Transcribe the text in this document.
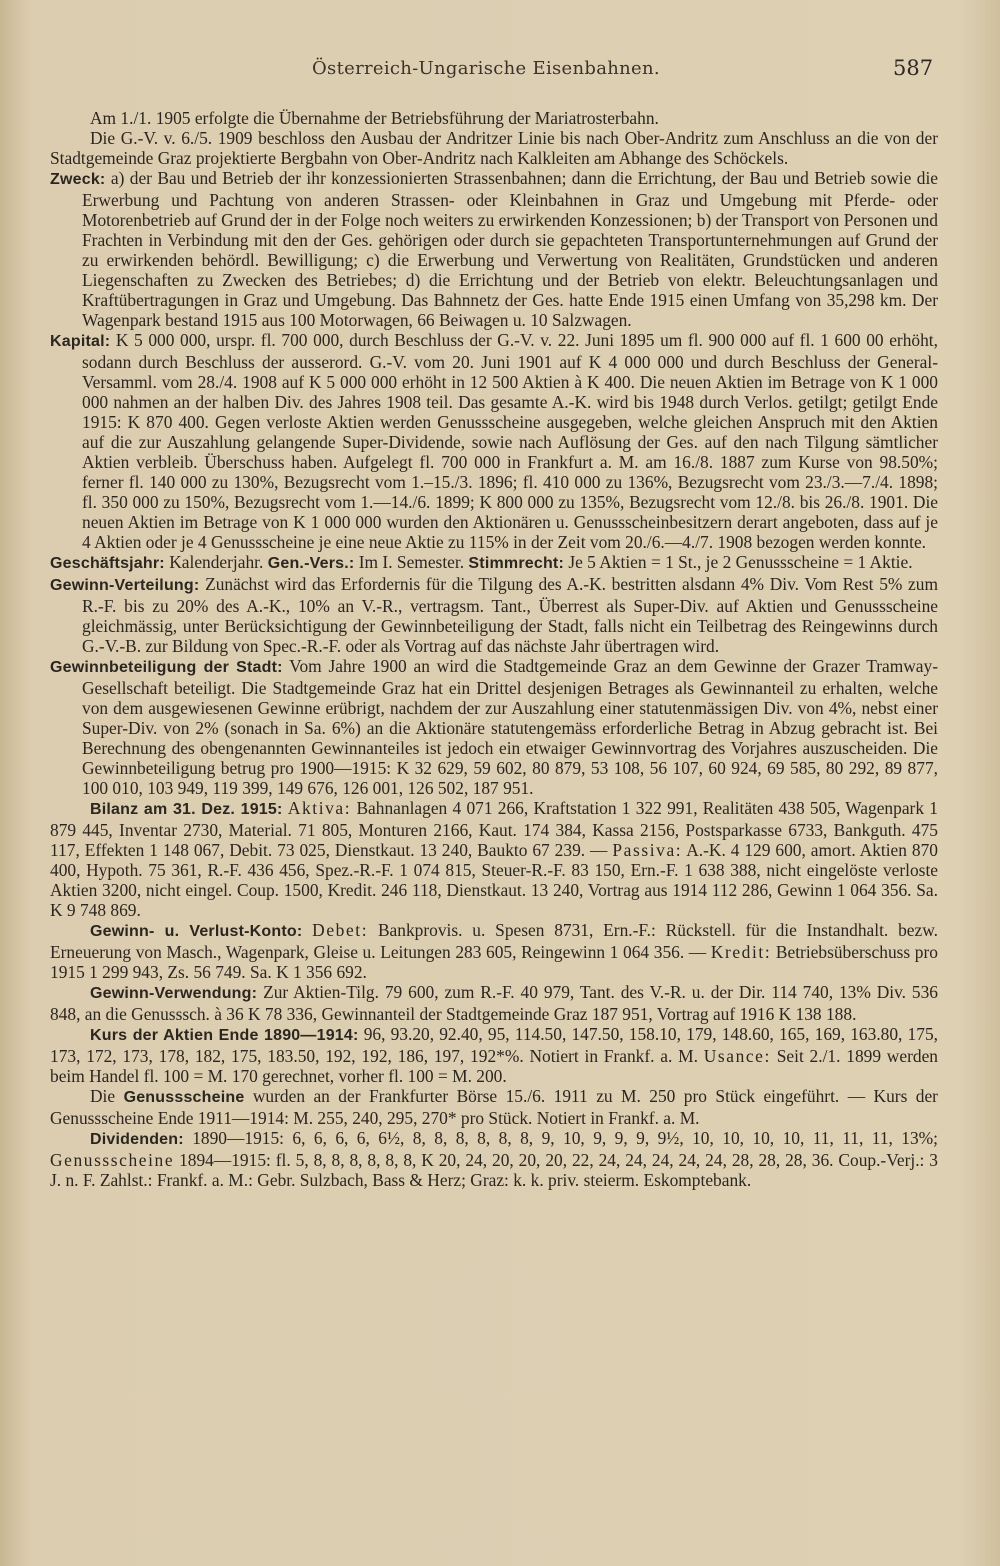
Österreich-Ungarische Eisenbahnen.	587

Am 1./1. 1905 erfolgte die Übernahme der Betriebsführung der Mariatrosterbahn.

Die G.-V. v. 6./5. 1909 beschloss den Ausbau der Andritzer Linie bis nach Ober-Andritz zum Anschluss an die von der Stadtgemeinde Graz projektierte Bergbahn von Ober-Andritz nach Kalkleiten am Abhange des Schöckels.

Zweck: a) der Bau und Betrieb der ihr konzessionierten Strassenbahnen; dann die Errichtung, der Bau und Betrieb sowie die Erwerbung und Pachtung von anderen Strassen- oder Kleinbahnen in Graz und Umgebung mit Pferde- oder Motorenbetrieb auf Grund der in der Folge noch weiters zu erwirkenden Konzessionen; b) der Transport von Personen und Frachten in Verbindung mit den der Ges. gehörigen oder durch sie gepachteten Transportunternehmungen auf Grund der zu erwirkenden behördl. Bewilligung; c) die Erwerbung und Verwertung von Realitäten, Grundstücken und anderen Liegenschaften zu Zwecken des Betriebes; d) die Errichtung und der Betrieb von elektr. Beleuchtungsanlagen und Kraftübertragungen in Graz und Umgebung. Das Bahnnetz der Ges. hatte Ende 1915 einen Umfang von 35,298 km. Der Wagenpark bestand 1915 aus 100 Motorwagen, 66 Beiwagen u. 10 Salzwagen.

Kapital: K 5 000 000, urspr. fl. 700 000, durch Beschluss der G.-V. v. 22. Juni 1895 um fl. 900 000 auf fl. 1 600 00 erhöht, sodann durch Beschluss der ausserord. G.-V. vom 20. Juni 1901 auf K 4 000 000 und durch Beschluss der General-Versamml. vom 28./4. 1908 auf K 5 000 000 erhöht in 12 500 Aktien à K 400. Die neuen Aktien im Betrage von K 1 000 000 nahmen an der halben Div. des Jahres 1908 teil. Das gesamte A.-K. wird bis 1948 durch Verlos. getilgt; getilgt Ende 1915: K 870 400. Gegen verloste Aktien werden Genussscheine ausgegeben, welche gleichen Anspruch mit den Aktien auf die zur Auszahlung gelangende Super-Dividende, sowie nach Auflösung der Ges. auf den nach Tilgung sämtlicher Aktien verbleib. Überschuss haben. Aufgelegt fl. 700 000 in Frankfurt a. M. am 16./8. 1887 zum Kurse von 98.50%; ferner fl. 140 000 zu 130%, Bezugsrecht vom 1.–15./3. 1896; fl. 410 000 zu 136%, Bezugsrecht vom 23./3.—7./4. 1898; fl. 350 000 zu 150%, Bezugsrecht vom 1.—14./6. 1899; K 800 000 zu 135%, Bezugsrecht vom 12./8. bis 26./8. 1901. Die neuen Aktien im Betrage von K 1 000 000 wurden den Aktionären u. Genussscheinbesitzern derart angeboten, dass auf je 4 Aktien oder je 4 Genussscheine je eine neue Aktie zu 115% in der Zeit vom 20./6.—4./7. 1908 bezogen werden konnte.

Geschäftsjahr: Kalenderjahr. Gen.-Vers.: Im I. Semester. Stimmrecht: Je 5 Aktien = 1 St., je 2 Genussscheine = 1 Aktie.

Gewinn-Verteilung: Zunächst wird das Erfordernis für die Tilgung des A.-K. bestritten alsdann 4% Div. Vom Rest 5% zum R.-F. bis zu 20% des A.-K., 10% an V.-R., vertragsm. Tant., Überrest als Super-Div. auf Aktien und Genussscheine gleichmässig, unter Berücksichtigung der Gewinnbeteiligung der Stadt, falls nicht ein Teilbetrag des Reingewinns durch G.-V.-B. zur Bildung von Spec.-R.-F. oder als Vortrag auf das nächste Jahr übertragen wird.

Gewinnbeteiligung der Stadt: Vom Jahre 1900 an wird die Stadtgemeinde Graz an dem Gewinne der Grazer Tramway-Gesellschaft beteiligt. Die Stadtgemeinde Graz hat ein Drittel desjenigen Betrages als Gewinnanteil zu erhalten, welche von dem ausgewiesenen Gewinne erübrigt, nachdem der zur Auszahlung einer statutenmässigen Div. von 4%, nebst einer Super-Div. von 2% (sonach in Sa. 6%) an die Aktionäre statutengemäss erforderliche Betrag in Abzug gebracht ist. Bei Berechnung des obengenannten Gewinnanteiles ist jedoch ein etwaiger Gewinnvortrag des Vorjahres auszuscheiden. Die Gewinnbeteiligung betrug pro 1900—1915: K 32 629, 59 602, 80 879, 53 108, 56 107, 60 924, 69 585, 80 292, 89 877, 100 010, 103 949, 119 399, 149 676, 126 001, 126 502, 187 951.

Bilanz am 31. Dez. 1915: Aktiva: Bahnanlagen 4 071 266, Kraftstation 1 322 991, Realitäten 438 505, Wagenpark 1 879 445, Inventar 2730, Material. 71 805, Monturen 2166, Kaut. 174 384, Kassa 2156, Postsparkasse 6733, Bankguth. 475 117, Effekten 1 148 067, Debit. 73 025, Dienstkaut. 13 240, Baukto 67 239. — Passiva: A.-K. 4 129 600, amort. Aktien 870 400, Hypoth. 75 361, R.-F. 436 456, Spez.-R.-F. 1 074 815, Steuer-R.-F. 83 150, Ern.-F. 1 638 388, nicht eingelöste verloste Aktien 3200, nicht eingel. Coup. 1500, Kredit. 246 118, Dienstkaut. 13 240, Vortrag aus 1914 112 286, Gewinn 1 064 356. Sa. K 9 748 869.

Gewinn- u. Verlust-Konto: Debet: Bankprovis. u. Spesen 8731, Ern.-F.: Rückstell. für die Instandhalt. bezw. Erneuerung von Masch., Wagenpark, Gleise u. Leitungen 283 605, Reingewinn 1 064 356. — Kredit: Betriebsüberschuss pro 1915 1 299 943, Zs. 56 749. Sa. K 1 356 692.

Gewinn-Verwendung: Zur Aktien-Tilg. 79 600, zum R.-F. 40 979, Tant. des V.-R. u. der Dir. 114 740, 13% Div. 536 848, an die Genusssch. à 36 K 78 336, Gewinnanteil der Stadtgemeinde Graz 187 951, Vortrag auf 1916 K 138 188.

Kurs der Aktien Ende 1890—1914: 96, 93.20, 92.40, 95, 114.50, 147.50, 158.10, 179, 148.60, 165, 169, 163.80, 175, 173, 172, 173, 178, 182, 175, 183.50, 192, 192, 186, 197, 192*%. Notiert in Frankf. a. M. Usance: Seit 2./1. 1899 werden beim Handel fl. 100 = M. 170 gerechnet, vorher fl. 100 = M. 200.

Die Genussscheine wurden an der Frankfurter Börse 15./6. 1911 zu M. 250 pro Stück eingeführt. — Kurs der Genussscheine Ende 1911—1914: M. 255, 240, 295, 270* pro Stück. Notiert in Frankf. a. M.

Dividenden: 1890—1915: 6, 6, 6, 6, 6½, 8, 8, 8, 8, 8, 8, 9, 10, 9, 9, 9, 9½, 10, 10, 10, 10, 11, 11, 11, 13%; Genussscheine 1894—1915: fl. 5, 8, 8, 8, 8, 8, 8, K 20, 24, 20, 20, 20, 22, 24, 24, 24, 24, 24, 28, 28, 28, 36. Coup.-Verj.: 3 J. n. F. Zahlst.: Frankf. a. M.: Gebr. Sulzbach, Bass & Herz; Graz: k. k. priv. steierm. Eskomptebank.
